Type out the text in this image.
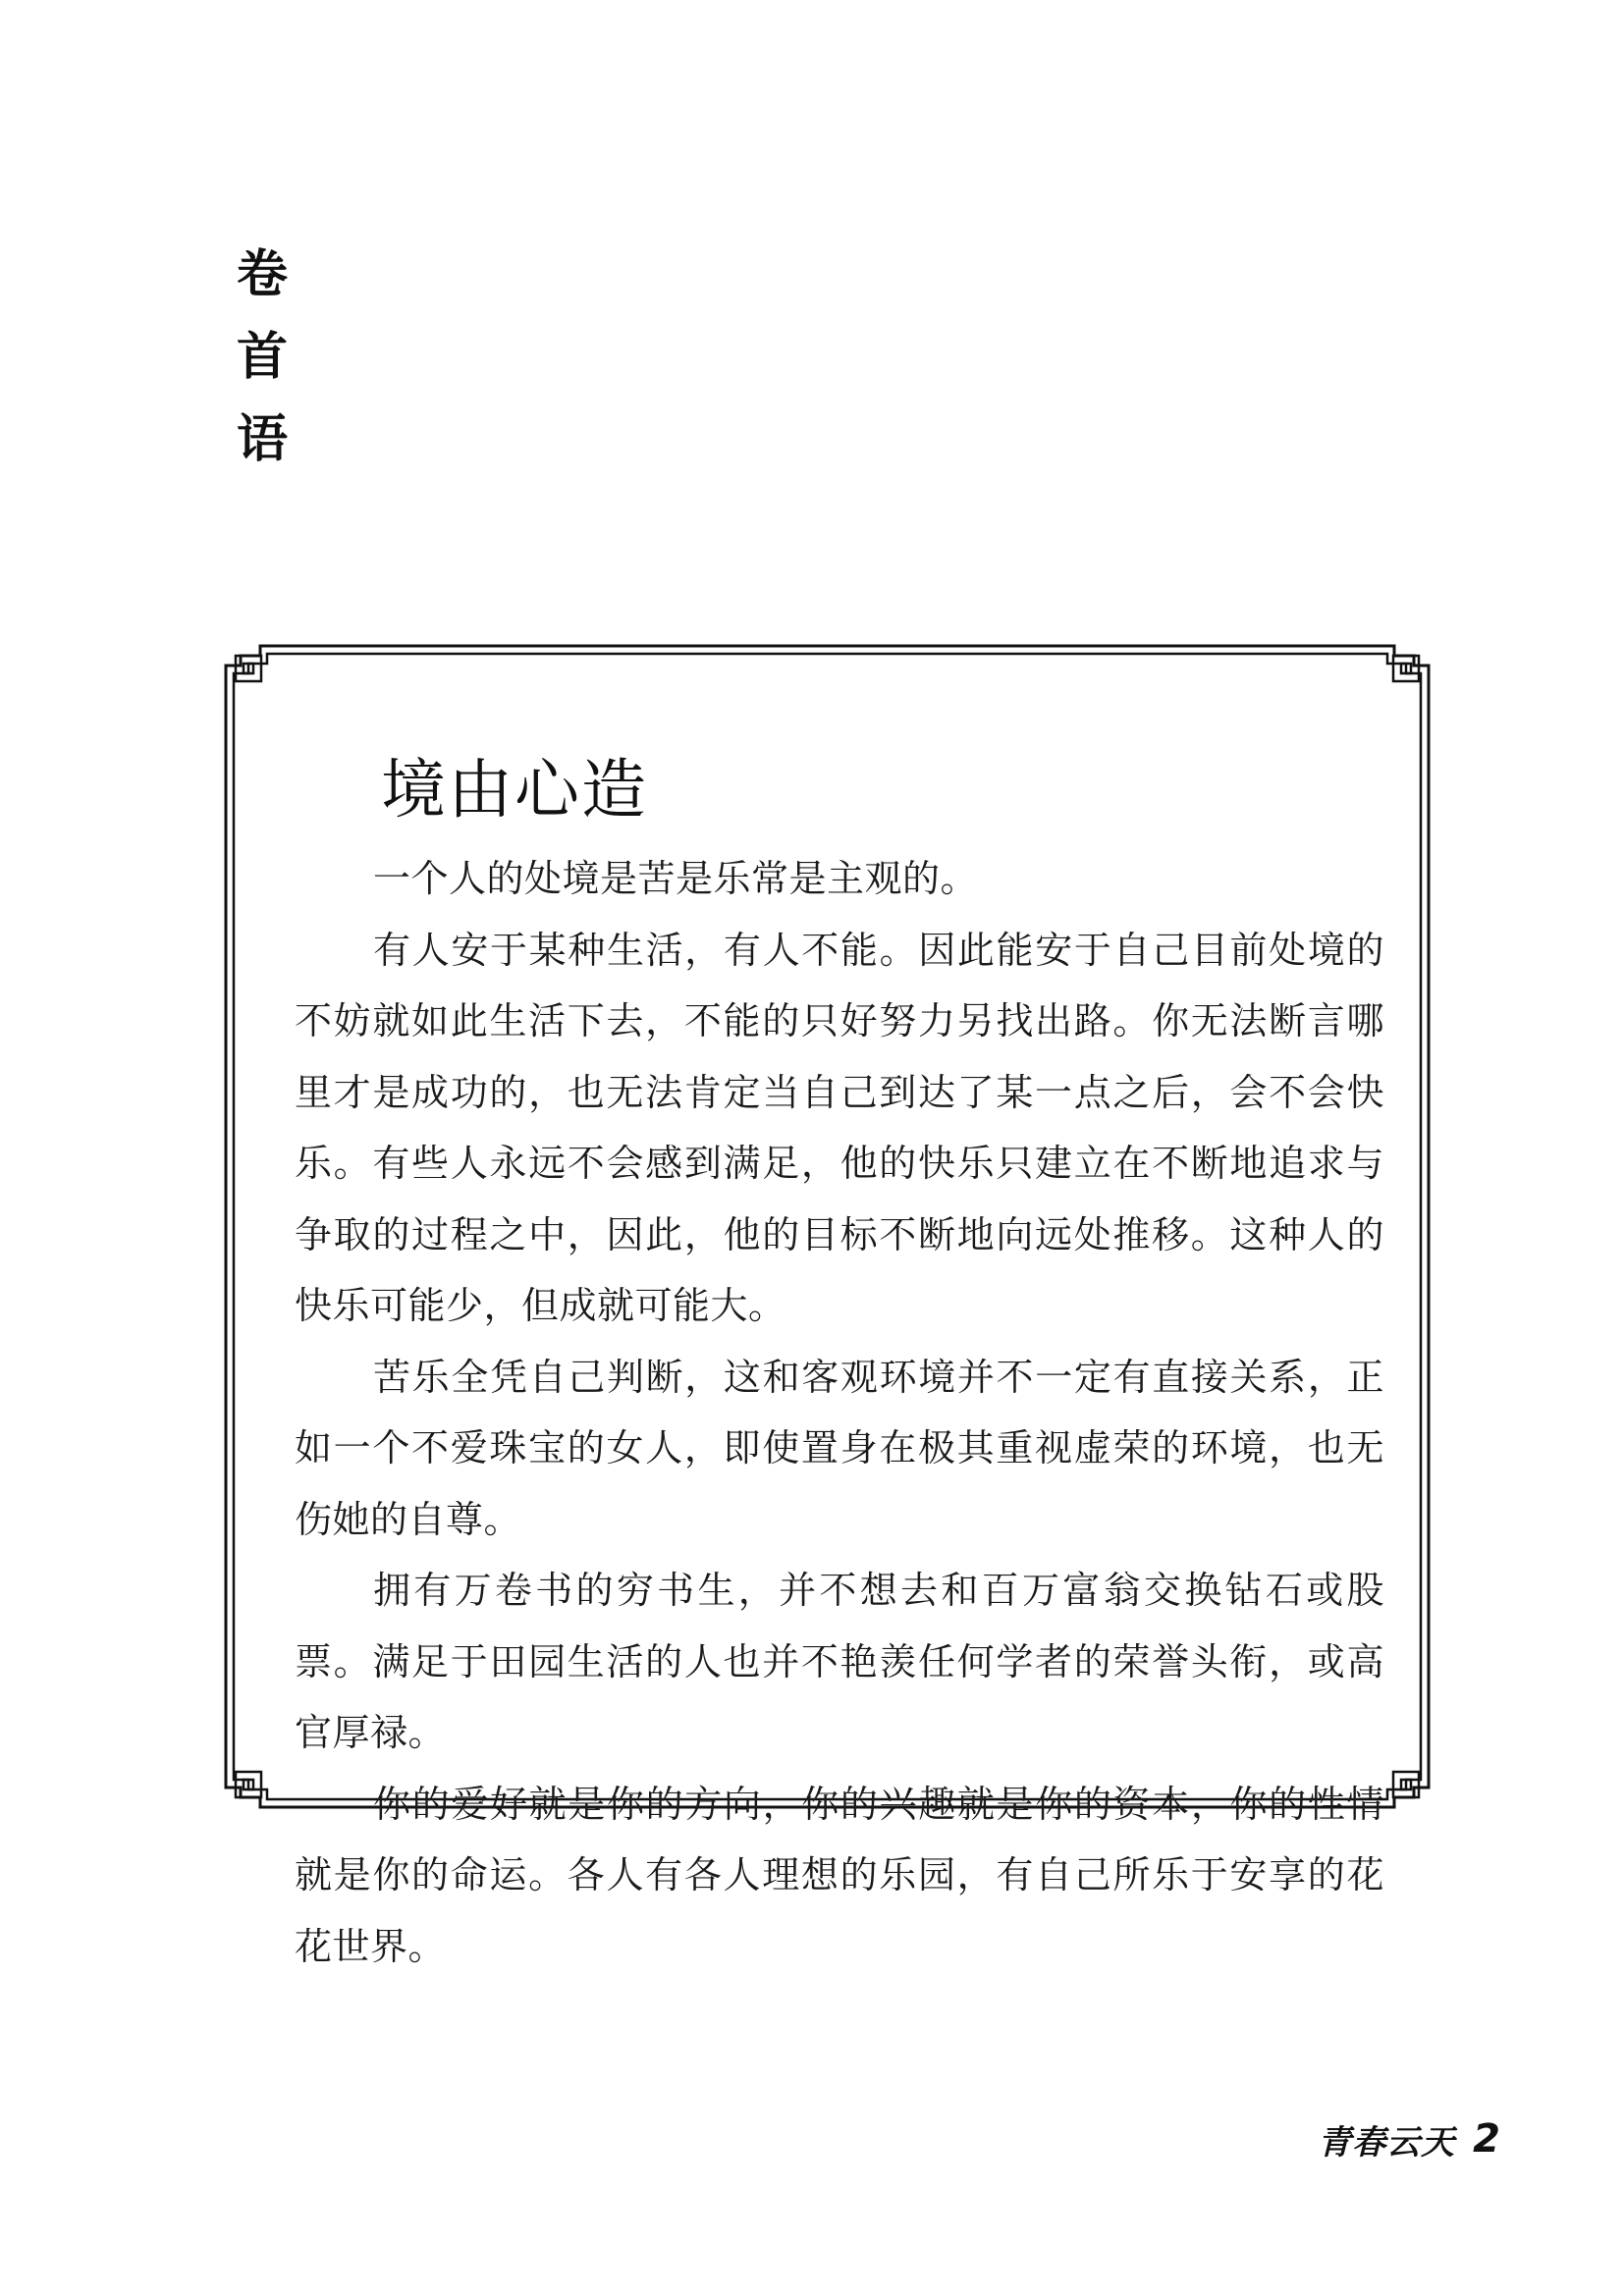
卷
首
语
境由心造

一个人的处境是苦是乐常是主观的。

有人安于某种生活，有人不能。因此能安于自己目前处境的不妨就如此生活下去，不能的只好努力另找出路。你无法断言哪里才是成功的，也无法肯定当自己到达了某一点之后，会不会快乐。有些人永远不会感到满足，他的快乐只建立在不断地追求与争取的过程之中，因此，他的目标不断地向远处推移。这种人的快乐可能少，但成就可能大。

苦乐全凭自己判断，这和客观环境并不一定有直接关系，正如一个不爱珠宝的女人，即使置身在极其重视虚荣的环境，也无伤她的自尊。

拥有万卷书的穷书生，并不想去和百万富翁交换钻石或股票。满足于田园生活的人也并不艳羡任何学者的荣誉头衔，或高官厚禄。

你的爱好就是你的方向，你的兴趣就是你的资本，你的性情就是你的命运。各人有各人理想的乐园，有自己所乐于安享的花花世界。

青春云天 2
